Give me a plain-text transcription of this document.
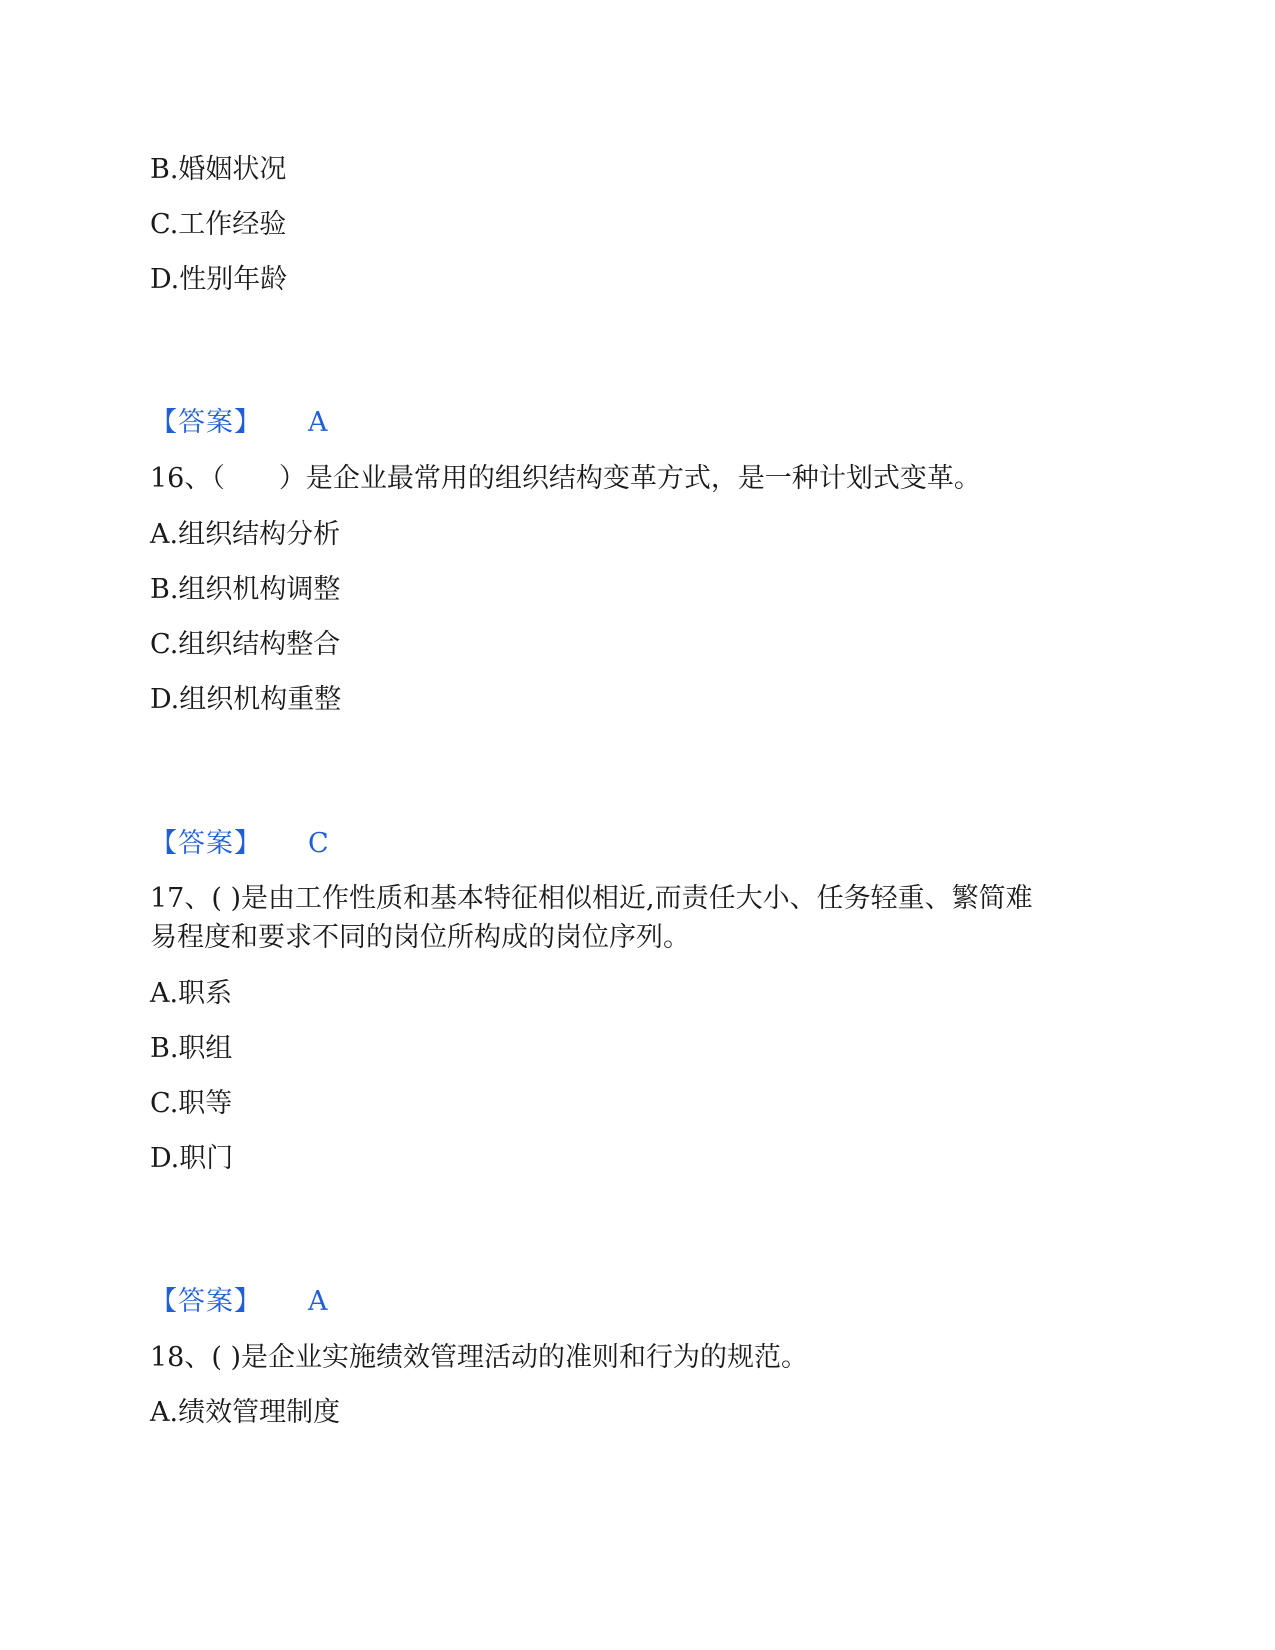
B.婚姻状况
C.工作经验
D.性别年龄
【答案】 A
16、（　　）是企业最常用的组织结构变革方式，是一种计划式变革。
A.组织结构分析
B.组织机构调整
C.组织结构整合
D.组织机构重整
【答案】 C
17、( )是由工作性质和基本特征相似相近,而责任大小、任务轻重、繁简难
易程度和要求不同的岗位所构成的岗位序列。
A.职系
B.职组
C.职等
D.职门
【答案】 A
18、( )是企业实施绩效管理活动的准则和行为的规范。
A.绩效管理制度
